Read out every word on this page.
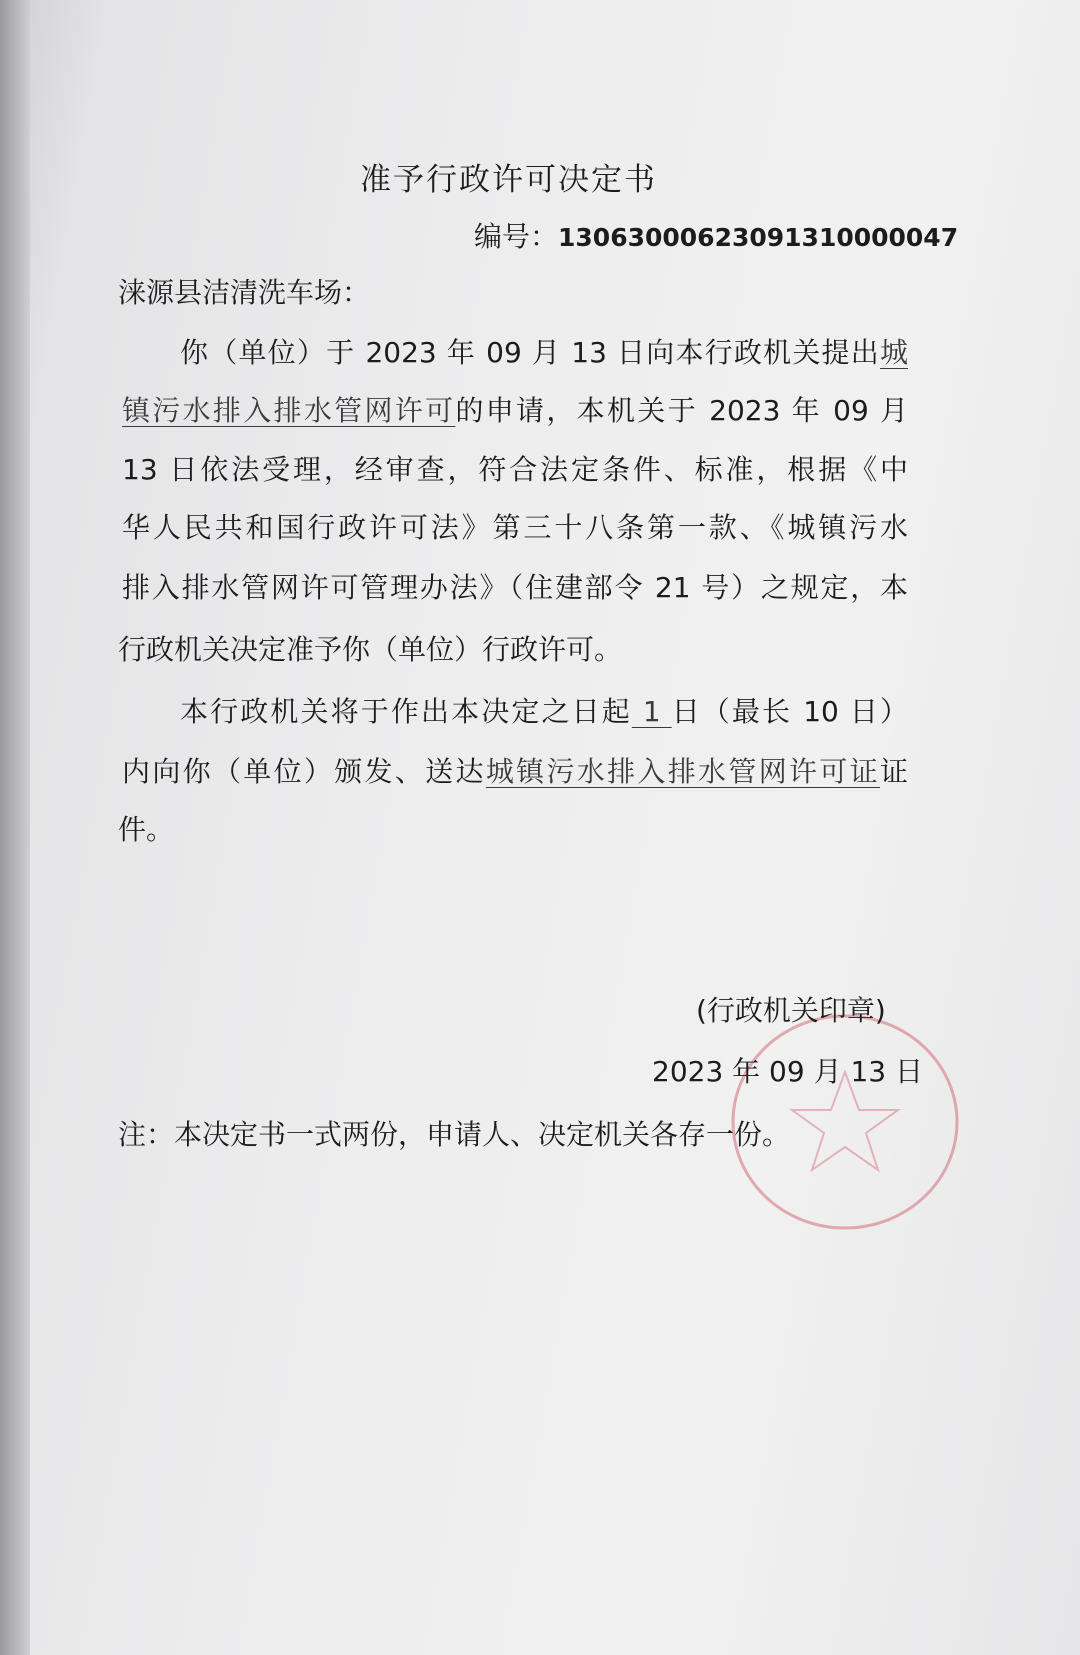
准予行政许可决定书
编号：13063000623091310000047
涞源县洁清洗车场：
你（单位）于 2023 年 09 月 13 日向本行政机关提出城
镇污水排入排水管网许可的申请，本机关于 2023 年 09 月
13 日依法受理，经审查，符合法定条件、标准，根据《中
华人民共和国行政许可法》第三十八条第一款、《城镇污水
排入排水管网许可管理办法》（住建部令 21 号）之规定，本
行政机关决定准予你（单位）行政许可。
本行政机关将于作出本决定之日起 1 日（最长 10 日）
内向你（单位）颁发、送达城镇污水排入排水管网许可证证
件。
(行政机关印章)
2023 年 09 月 13 日
注：本决定书一式两份，申请人、决定机关各存一份。
